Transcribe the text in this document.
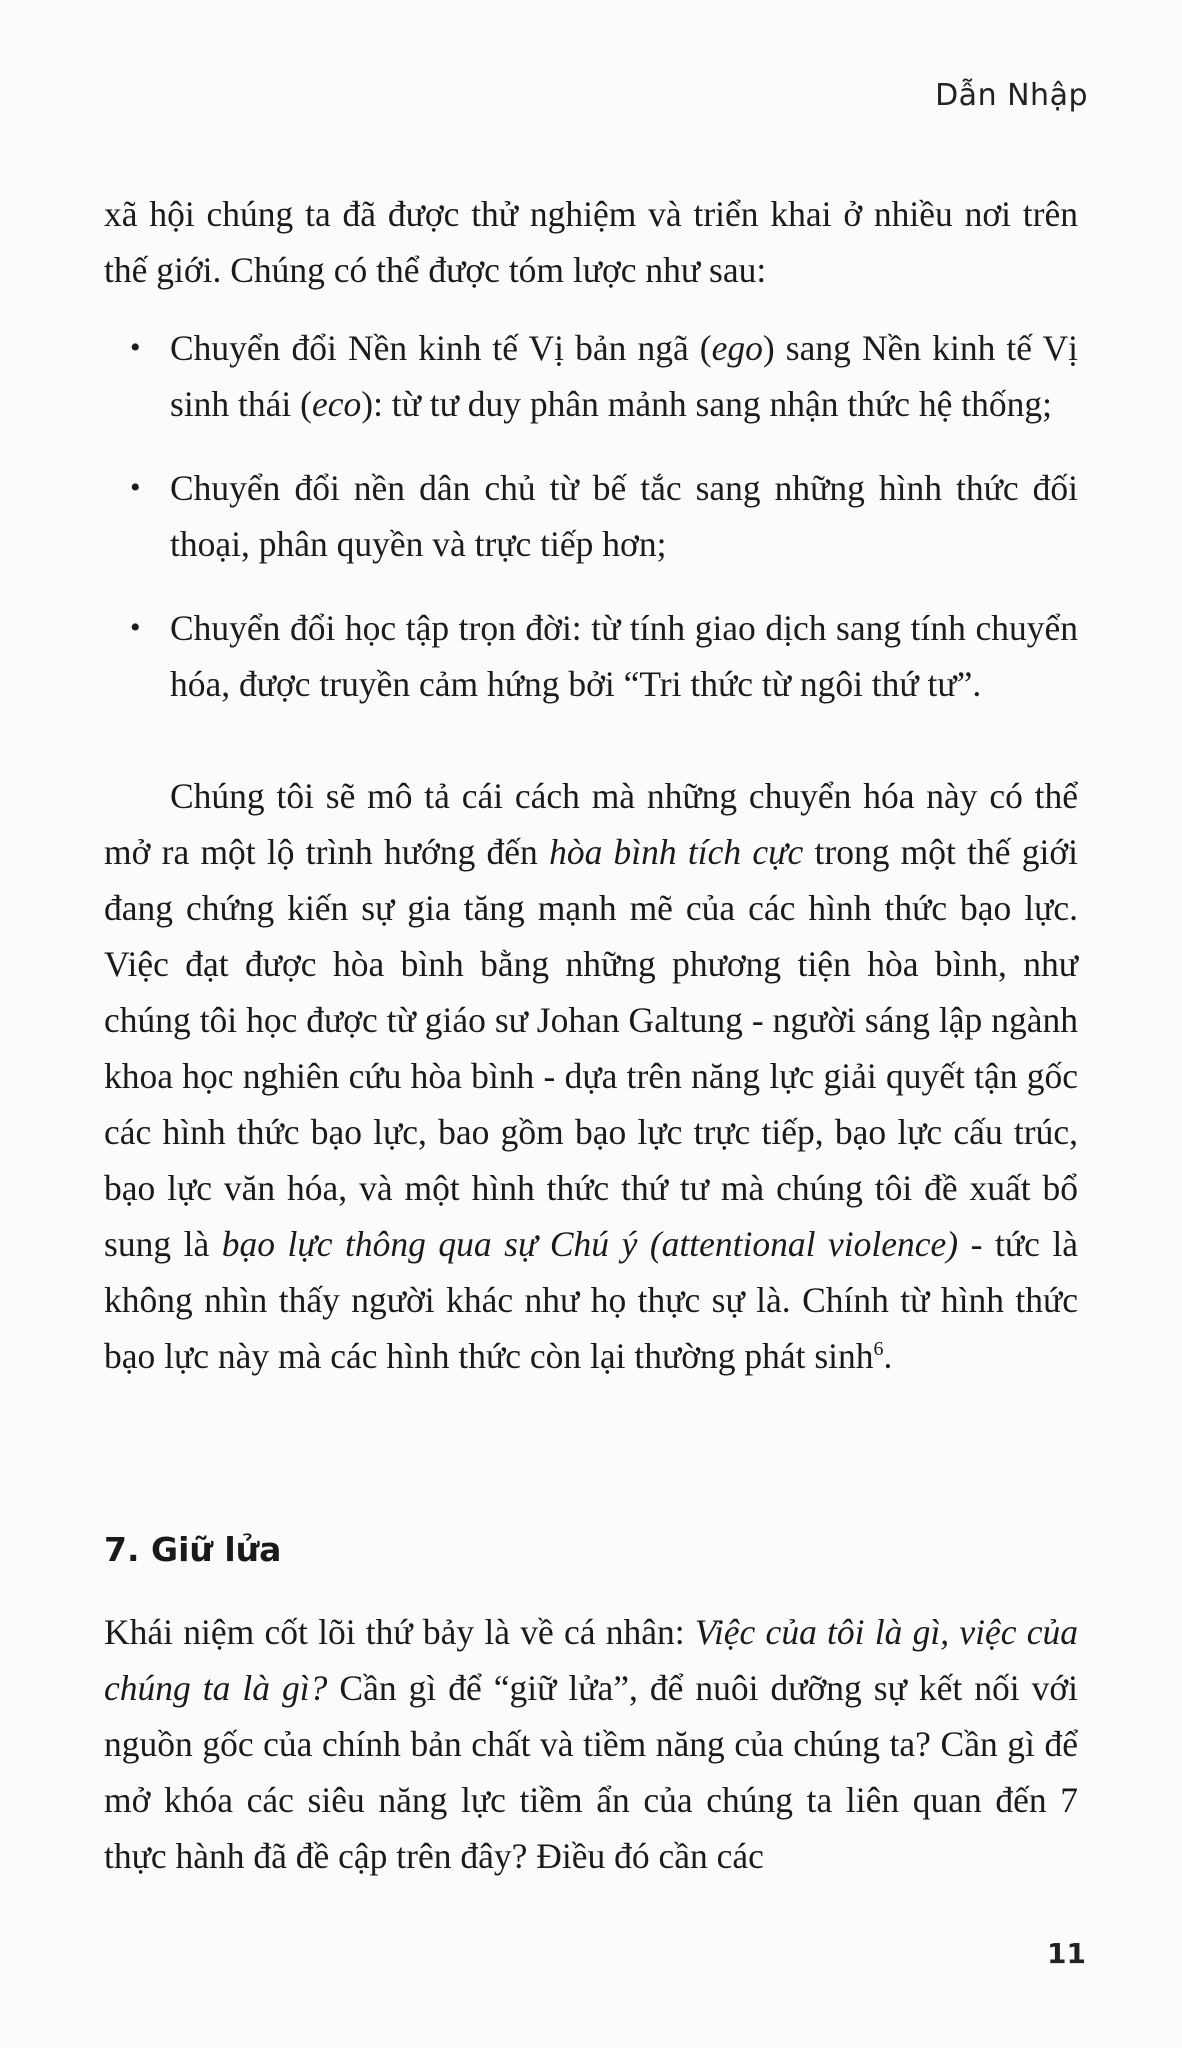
Dẫn Nhập

xã hội chúng ta đã được thử nghiệm và triển khai ở nhiều nơi trên thế giới. Chúng có thể được tóm lược như sau:

• Chuyển đổi Nền kinh tế Vị bản ngã (ego) sang Nền kinh tế Vị sinh thái (eco): từ tư duy phân mảnh sang nhận thức hệ thống;
• Chuyển đổi nền dân chủ từ bế tắc sang những hình thức đối thoại, phân quyền và trực tiếp hơn;
• Chuyển đổi học tập trọn đời: từ tính giao dịch sang tính chuyển hóa, được truyền cảm hứng bởi “Tri thức từ ngôi thứ tư”.

Chúng tôi sẽ mô tả cái cách mà những chuyển hóa này có thể mở ra một lộ trình hướng đến hòa bình tích cực trong một thế giới đang chứng kiến sự gia tăng mạnh mẽ của các hình thức bạo lực. Việc đạt được hòa bình bằng những phương tiện hòa bình, như chúng tôi học được từ giáo sư Johan Galtung - người sáng lập ngành khoa học nghiên cứu hòa bình - dựa trên năng lực giải quyết tận gốc các hình thức bạo lực, bao gồm bạo lực trực tiếp, bạo lực cấu trúc, bạo lực văn hóa, và một hình thức thứ tư mà chúng tôi đề xuất bổ sung là bạo lực thông qua sự Chú ý (attentional violence) - tức là không nhìn thấy người khác như họ thực sự là. Chính từ hình thức bạo lực này mà các hình thức còn lại thường phát $\sinh^6$.

7. Giữ lửa

Khái niệm cốt lõi thứ bảy là về cá nhân: Việc của tôi là gì, việc của chúng ta là gì? Cần gì để “giữ lửa”, để nuôi dưỡng sự kết nối với nguồn gốc của chính bản chất và tiềm năng của chúng ta? Cần gì để mở khóa các siêu năng lực tiềm ẩn của chúng ta liên quan đến 7 thực hành đã đề cập trên đây? Điều đó cần các

11
